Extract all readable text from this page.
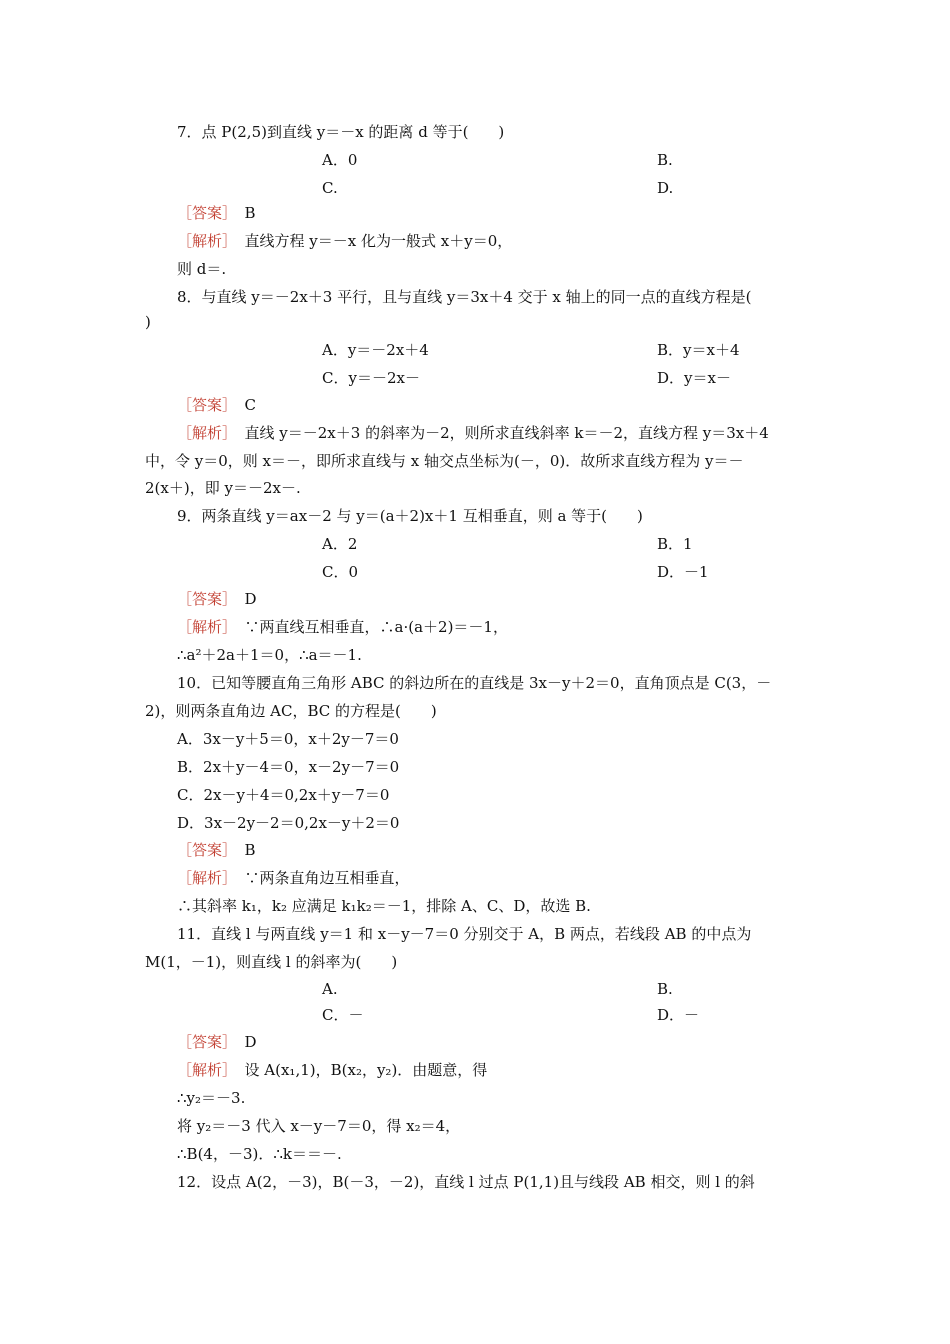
7．点 P(2,5)到直线 y＝－x 的距离 d 等于(　　)
A．0	B.
C.	D.
［答案］　B
［解析］　直线方程 y＝－x 化为一般式 x＋y＝0，
则 d＝.
8．与直线 y＝－2x＋3 平行，且与直线 y＝3x＋4 交于 x 轴上的同一点的直线方程是(
)
A．y＝－2x＋4	B．y＝x＋4
C．y＝－2x－	D．y＝x－
［答案］　C
［解析］　直线 y＝－2x＋3 的斜率为－2，则所求直线斜率 k＝－2，直线方程 y＝3x＋4
中，令 y＝0，则 x＝－，即所求直线与 x 轴交点坐标为(－，0)．故所求直线方程为 y＝－
2(x＋)，即 y＝－2x－.
9．两条直线 y＝ax－2 与 y＝(a＋2)x＋1 互相垂直，则 a 等于(　　)
A．2	B．1
C．0	D．－1
［答案］　D
［解析］　∵两直线互相垂直，∴a·(a＋2)＝－1，
∴a²＋2a＋1＝0，∴a＝－1.
10．已知等腰直角三角形 ABC 的斜边所在的直线是 3x－y＋2＝0，直角顶点是 C(3，－
2)，则两条直角边 AC，BC 的方程是(　　)
A．3x－y＋5＝0，x＋2y－7＝0
B．2x＋y－4＝0，x－2y－7＝0
C．2x－y＋4＝0,2x＋y－7＝0
D．3x－2y－2＝0,2x－y＋2＝0
［答案］　B
［解析］　∵两条直角边互相垂直，
∴其斜率 k₁，k₂ 应满足 k₁k₂＝－1，排除 A、C、D，故选 B.
11．直线 l 与两直线 y＝1 和 x－y－7＝0 分别交于 A，B 两点，若线段 AB 的中点为
M(1，－1)，则直线 l 的斜率为(　　)
A.	B.
C．－	D．－
［答案］　D
［解析］　设 A(x₁,1)，B(x₂，y₂)．由题意，得
∴y₂＝－3.
将 y₂＝－3 代入 x－y－7＝0，得 x₂＝4，
∴B(4，－3)．∴k＝＝－.
12．设点 A(2，－3)，B(－3，－2)，直线 l 过点 P(1,1)且与线段 AB 相交，则 l 的斜
